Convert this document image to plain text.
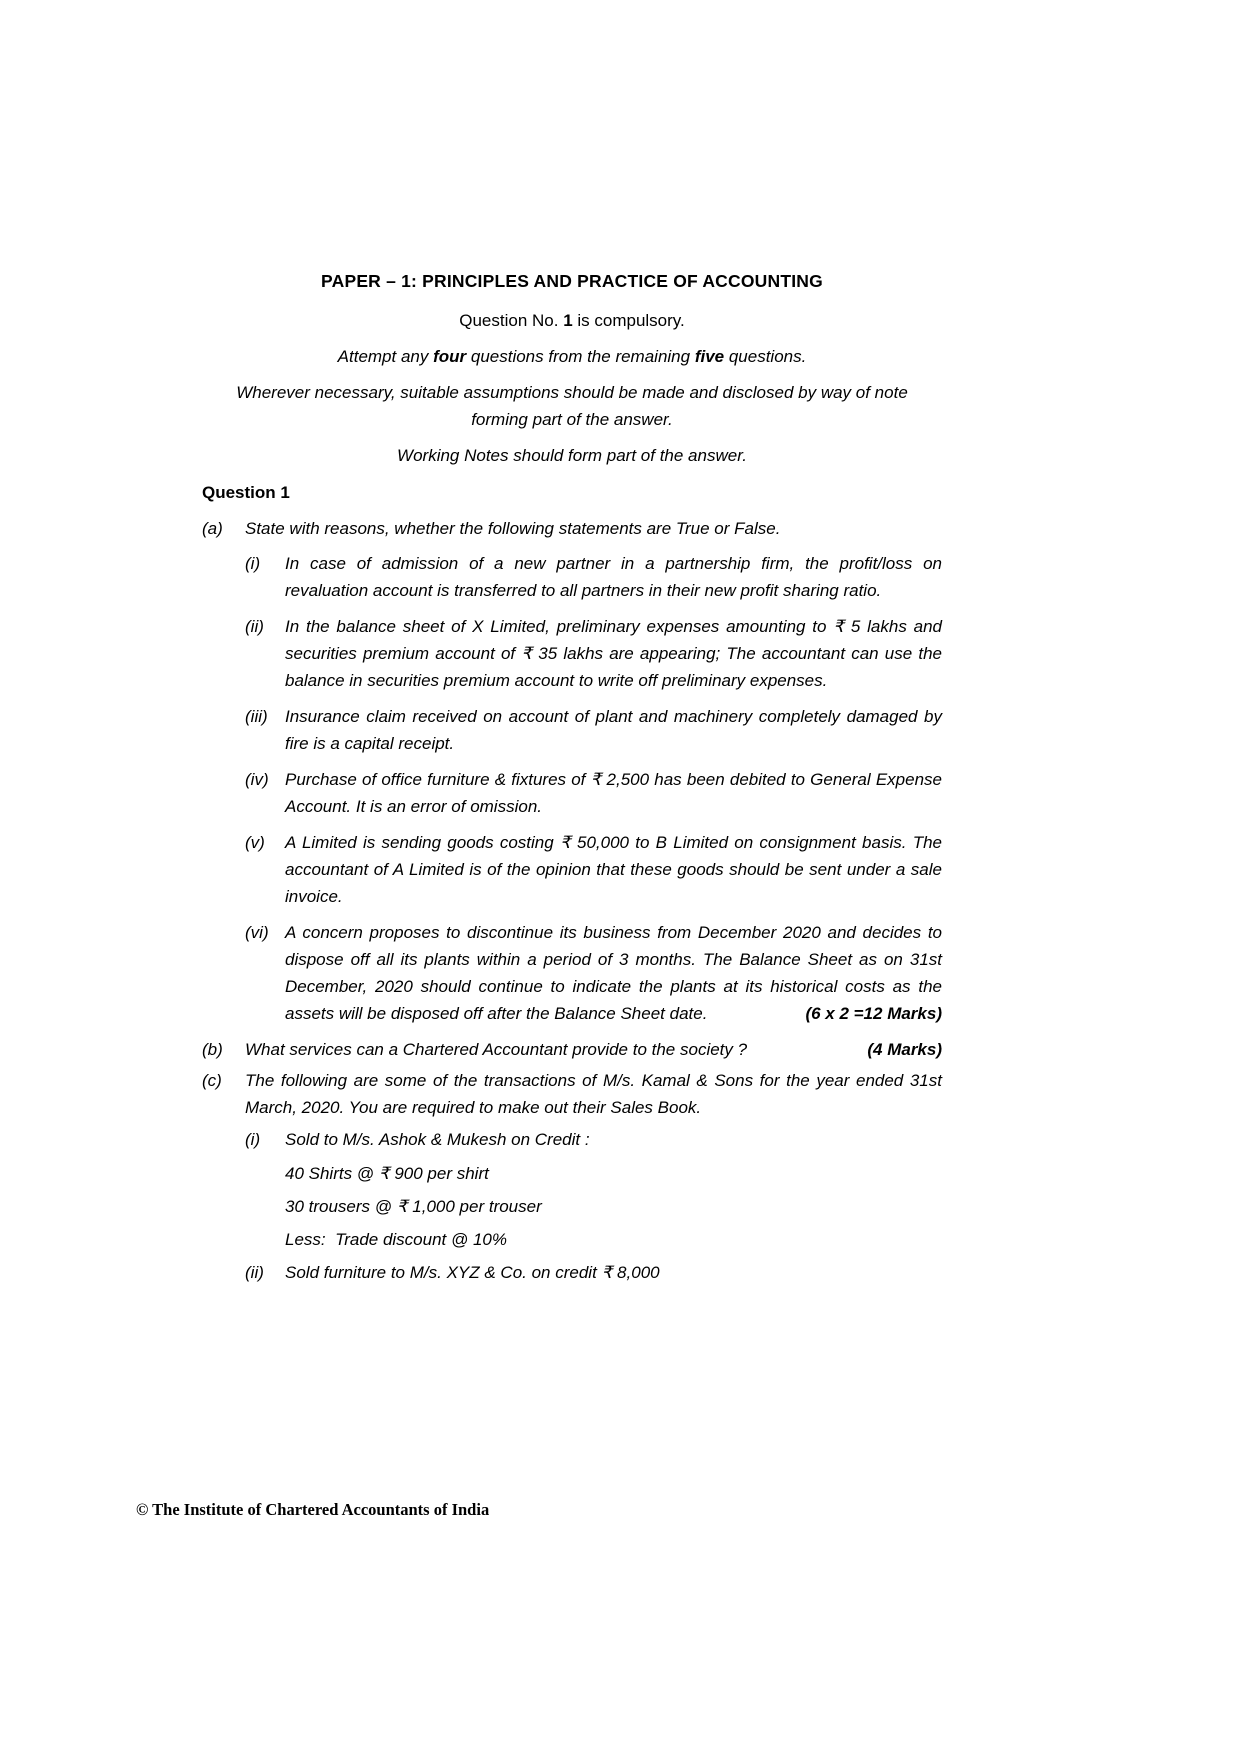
PAPER – 1: PRINCIPLES AND PRACTICE OF ACCOUNTING
Question No. 1 is compulsory.
Attempt any four questions from the remaining five questions.
Wherever necessary, suitable assumptions should be made and disclosed by way of note
forming part of the answer.
Working Notes should form part of the answer.
Question 1
(a)	State with reasons, whether the following statements are True or False.
(i)	In case of admission of a new partner in a partnership firm, the profit/loss on revaluation account is transferred to all partners in their new profit sharing ratio.
(ii)	In the balance sheet of X Limited, preliminary expenses amounting to ₹ 5 lakhs and securities premium account of ₹ 35 lakhs are appearing; The accountant can use the balance in securities premium account to write off preliminary expenses.
(iii)	Insurance claim received on account of plant and machinery completely damaged by fire is a capital receipt.
(iv) Purchase of office furniture & fixtures of ₹ 2,500 has been debited to General Expense Account. It is an error of omission.
(v)	A Limited is sending goods costing ₹ 50,000 to B Limited on consignment basis. The accountant of A Limited is of the opinion that these goods should be sent under a sale invoice.
(vi) A concern proposes to discontinue its business from December 2020 and decides to dispose off all its plants within a period of 3 months. The Balance Sheet as on 31st December, 2020 should continue to indicate the plants at its historical costs as the assets will be disposed off after the Balance Sheet date.	(6 x 2 =12 Marks)
(b)	What services can a Chartered Accountant provide to the society ?	(4 Marks)
(c)	The following are some of the transactions of M/s. Kamal & Sons for the year ended 31st March, 2020. You are required to make out their Sales Book.
(i)	Sold to M/s. Ashok & Mukesh on Credit :
40 Shirts @ ₹ 900 per shirt
30 trousers @ ₹ 1,000 per trouser
Less:  Trade discount @ 10%
(ii)	Sold furniture to M/s. XYZ & Co. on credit ₹ 8,000
© The Institute of Chartered Accountants of India
